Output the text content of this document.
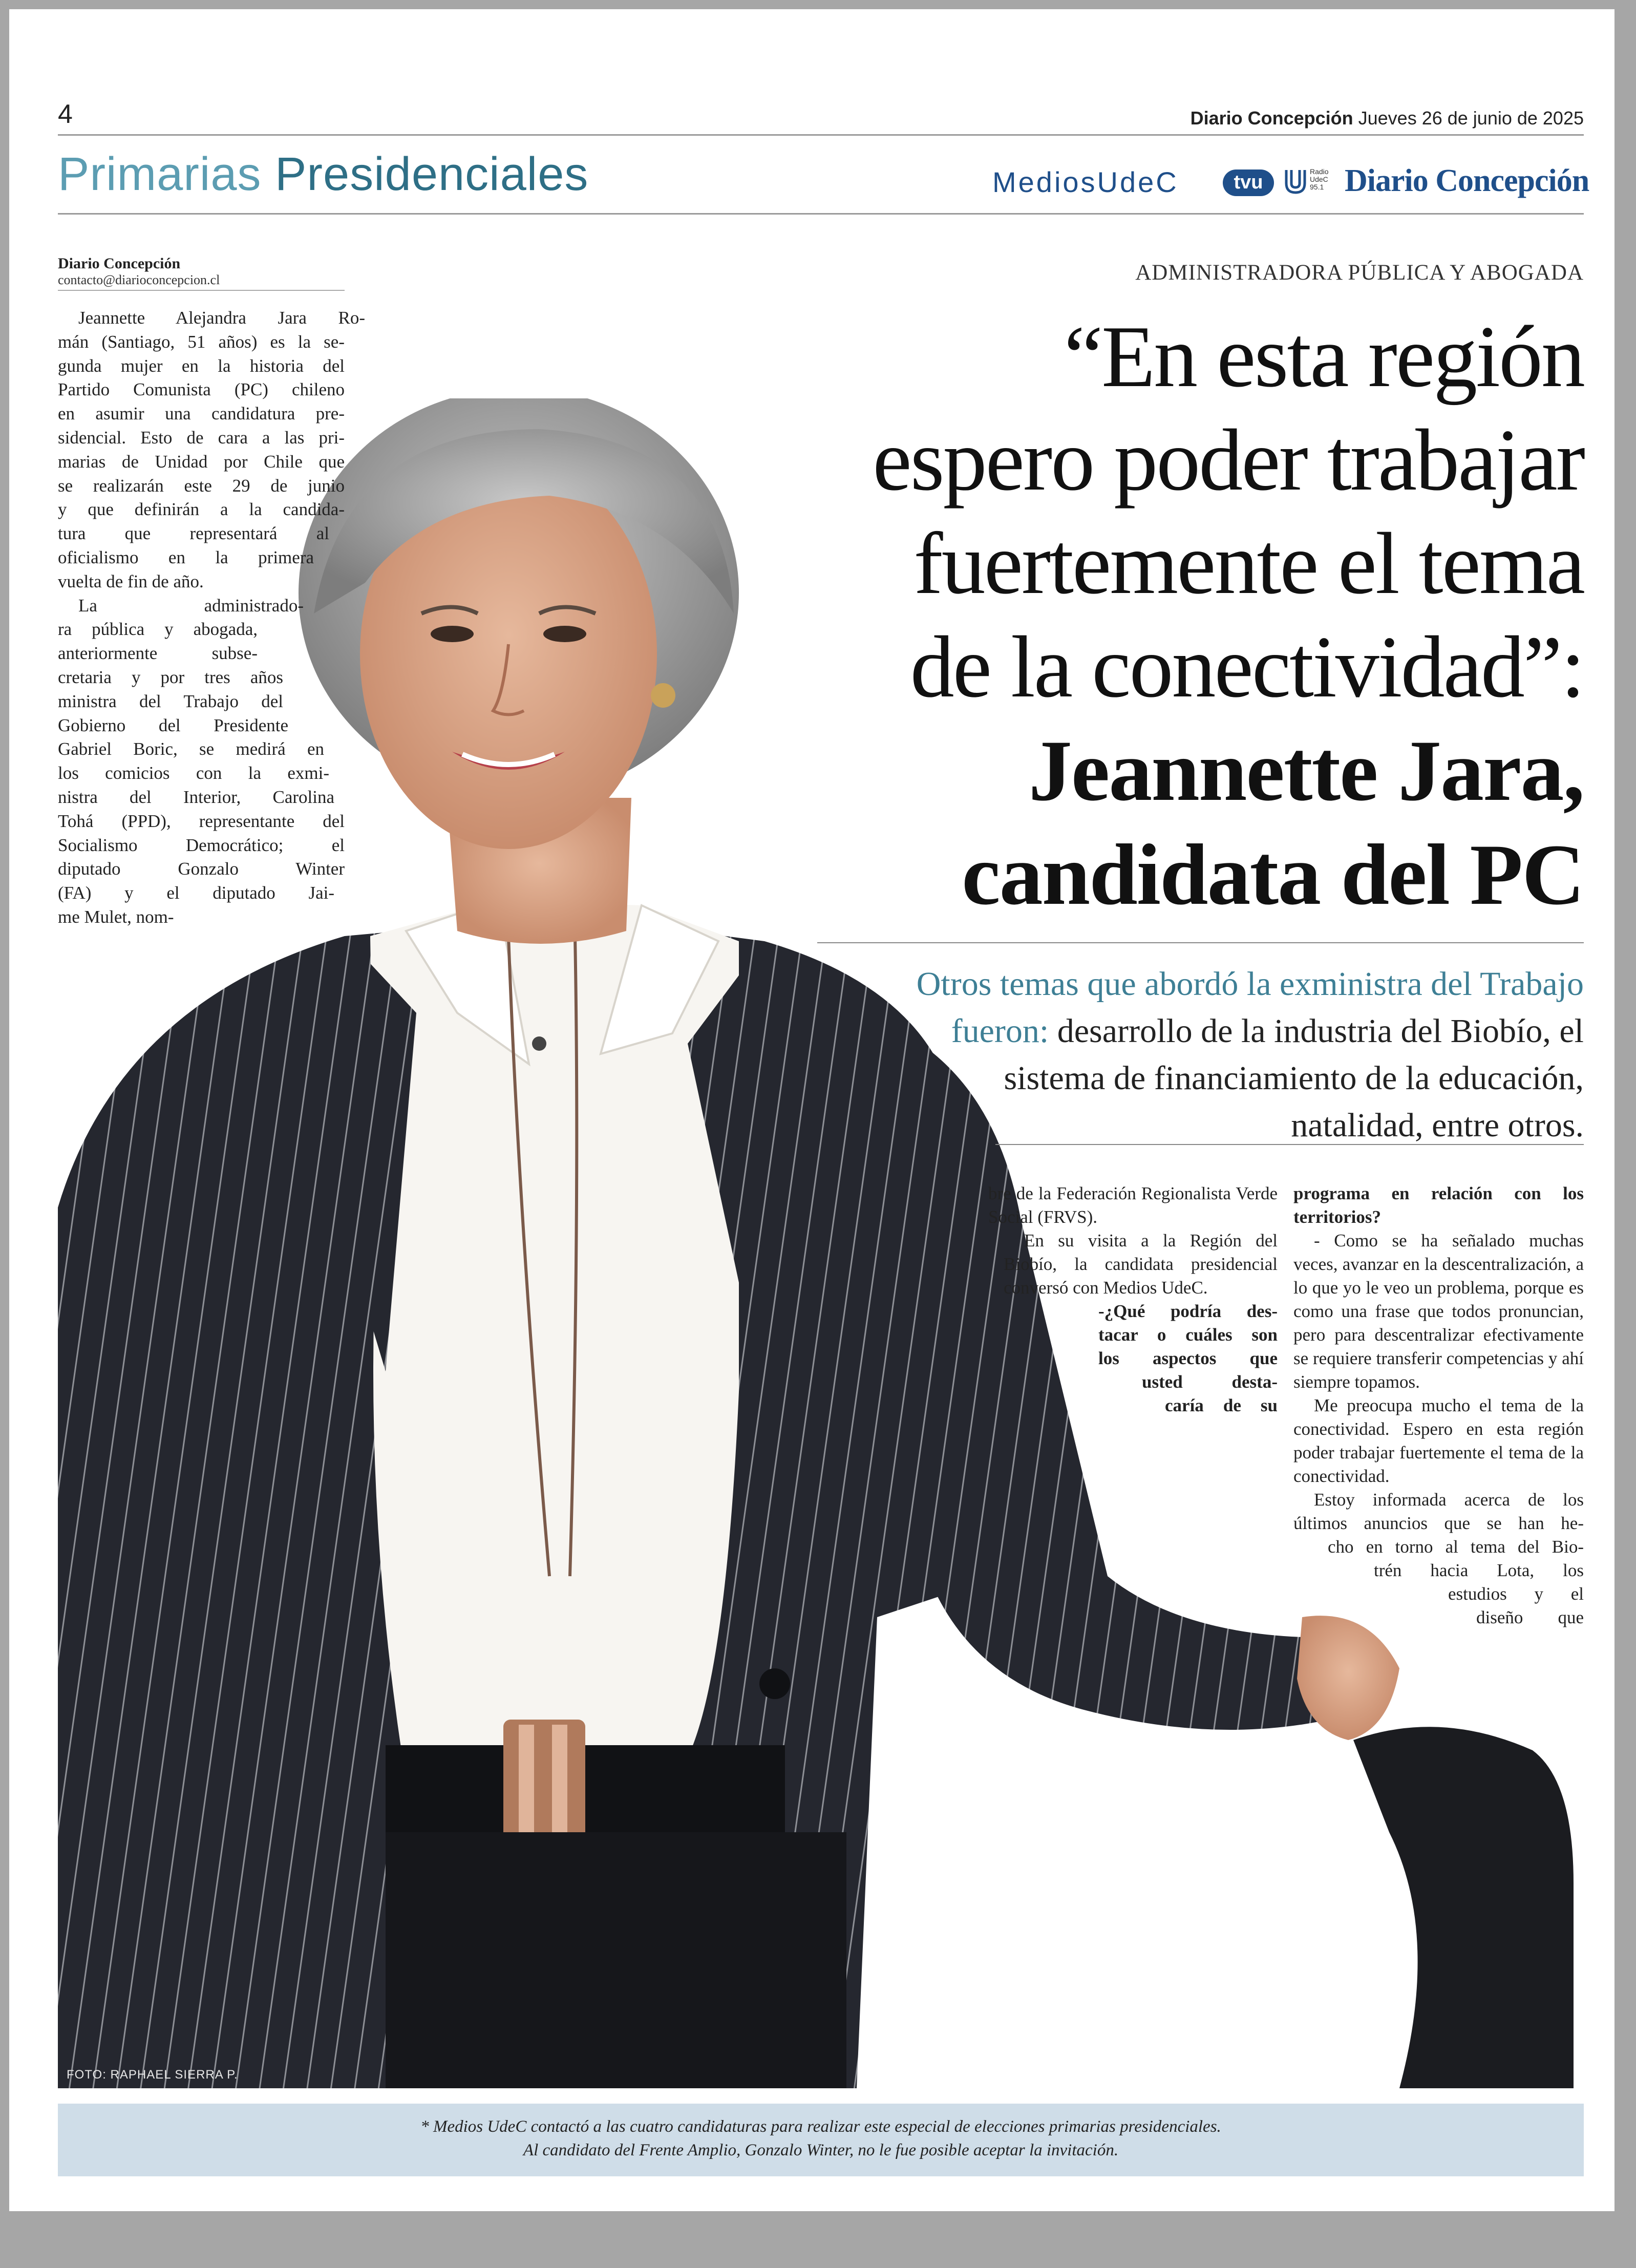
4	Diario Concepción Jueves 26 de junio de 2025
Primarias Presidenciales	MediosUdeC	tvu	Radio
UdeC
95.1 Diario Concepción
Diario Concepción
contacto@diarioconcepcion.cl
Jeannette Alejandra Jara Ro-
mán (Santiago, 51 años) es la se-
gunda mujer en la historia del
Partido Comunista (PC) chileno
en asumir una candidatura pre-
sidencial. Esto de cara a las pri-
marias de Unidad por Chile que
se realizarán este 29 de junio
y que definirán a la candida-
tura que representará al
oficialismo en la primera
vuelta de fin de año.
La administrado-
ra pública y abogada,
anteriormente subse-
cretaria y por tres años
ministra del Trabajo del
Gobierno del Presidente
Gabriel Boric, se medirá en
los comicios con la exmi-
nistra del Interior, Carolina
Tohá (PPD), representante del
Socialismo Democrático; el
diputado Gonzalo Winter
(FA) y el diputado Jai-
me Mulet, nom-
ADMINISTRADORA PÚBLICA Y ABOGADA
“En esta región
espero poder trabajar
fuertemente el tema
de la conectividad”:
Jeannette Jara,
candidata del PC
Otros temas que abordó la exministra del Trabajo fueron: desarrollo de la industria del Biobío, el sistema de financiamiento de la educación, natalidad, entre otros.

bre de la Federación Regionalista Verde Social (FRVS).

En su visita a la Región del Biobío, la candidata presidencial conversó con Medios UdeC.

-¿Qué podría des-
tacar o cuáles son
los aspectos que
usted desta-
caría de su
programa en relación con los
territorios?

- Como se ha señalado muchas veces, avanzar en la descentralización, a lo que yo le veo un problema, porque es como una frase que todos pronuncian, pero para descentralizar efectivamente se requiere transferir competencias y ahí siempre topamos.

Me preocupa mucho el tema de la conectividad. Espero en esta región poder trabajar fuertemente el tema de la conectividad.

Estoy informada acerca de los
últimos anuncios que se han he-
cho en torno al tema del Bio-
trén hacia Lota, los
estudios y el
diseño que
FOTO: RAPHAEL SIERRA P.
* Medios UdeC contactó a las cuatro candidaturas para realizar este especial de elecciones primarias presidenciales.
Al candidato del Frente Amplio, Gonzalo Winter, no le fue posible aceptar la invitación.
